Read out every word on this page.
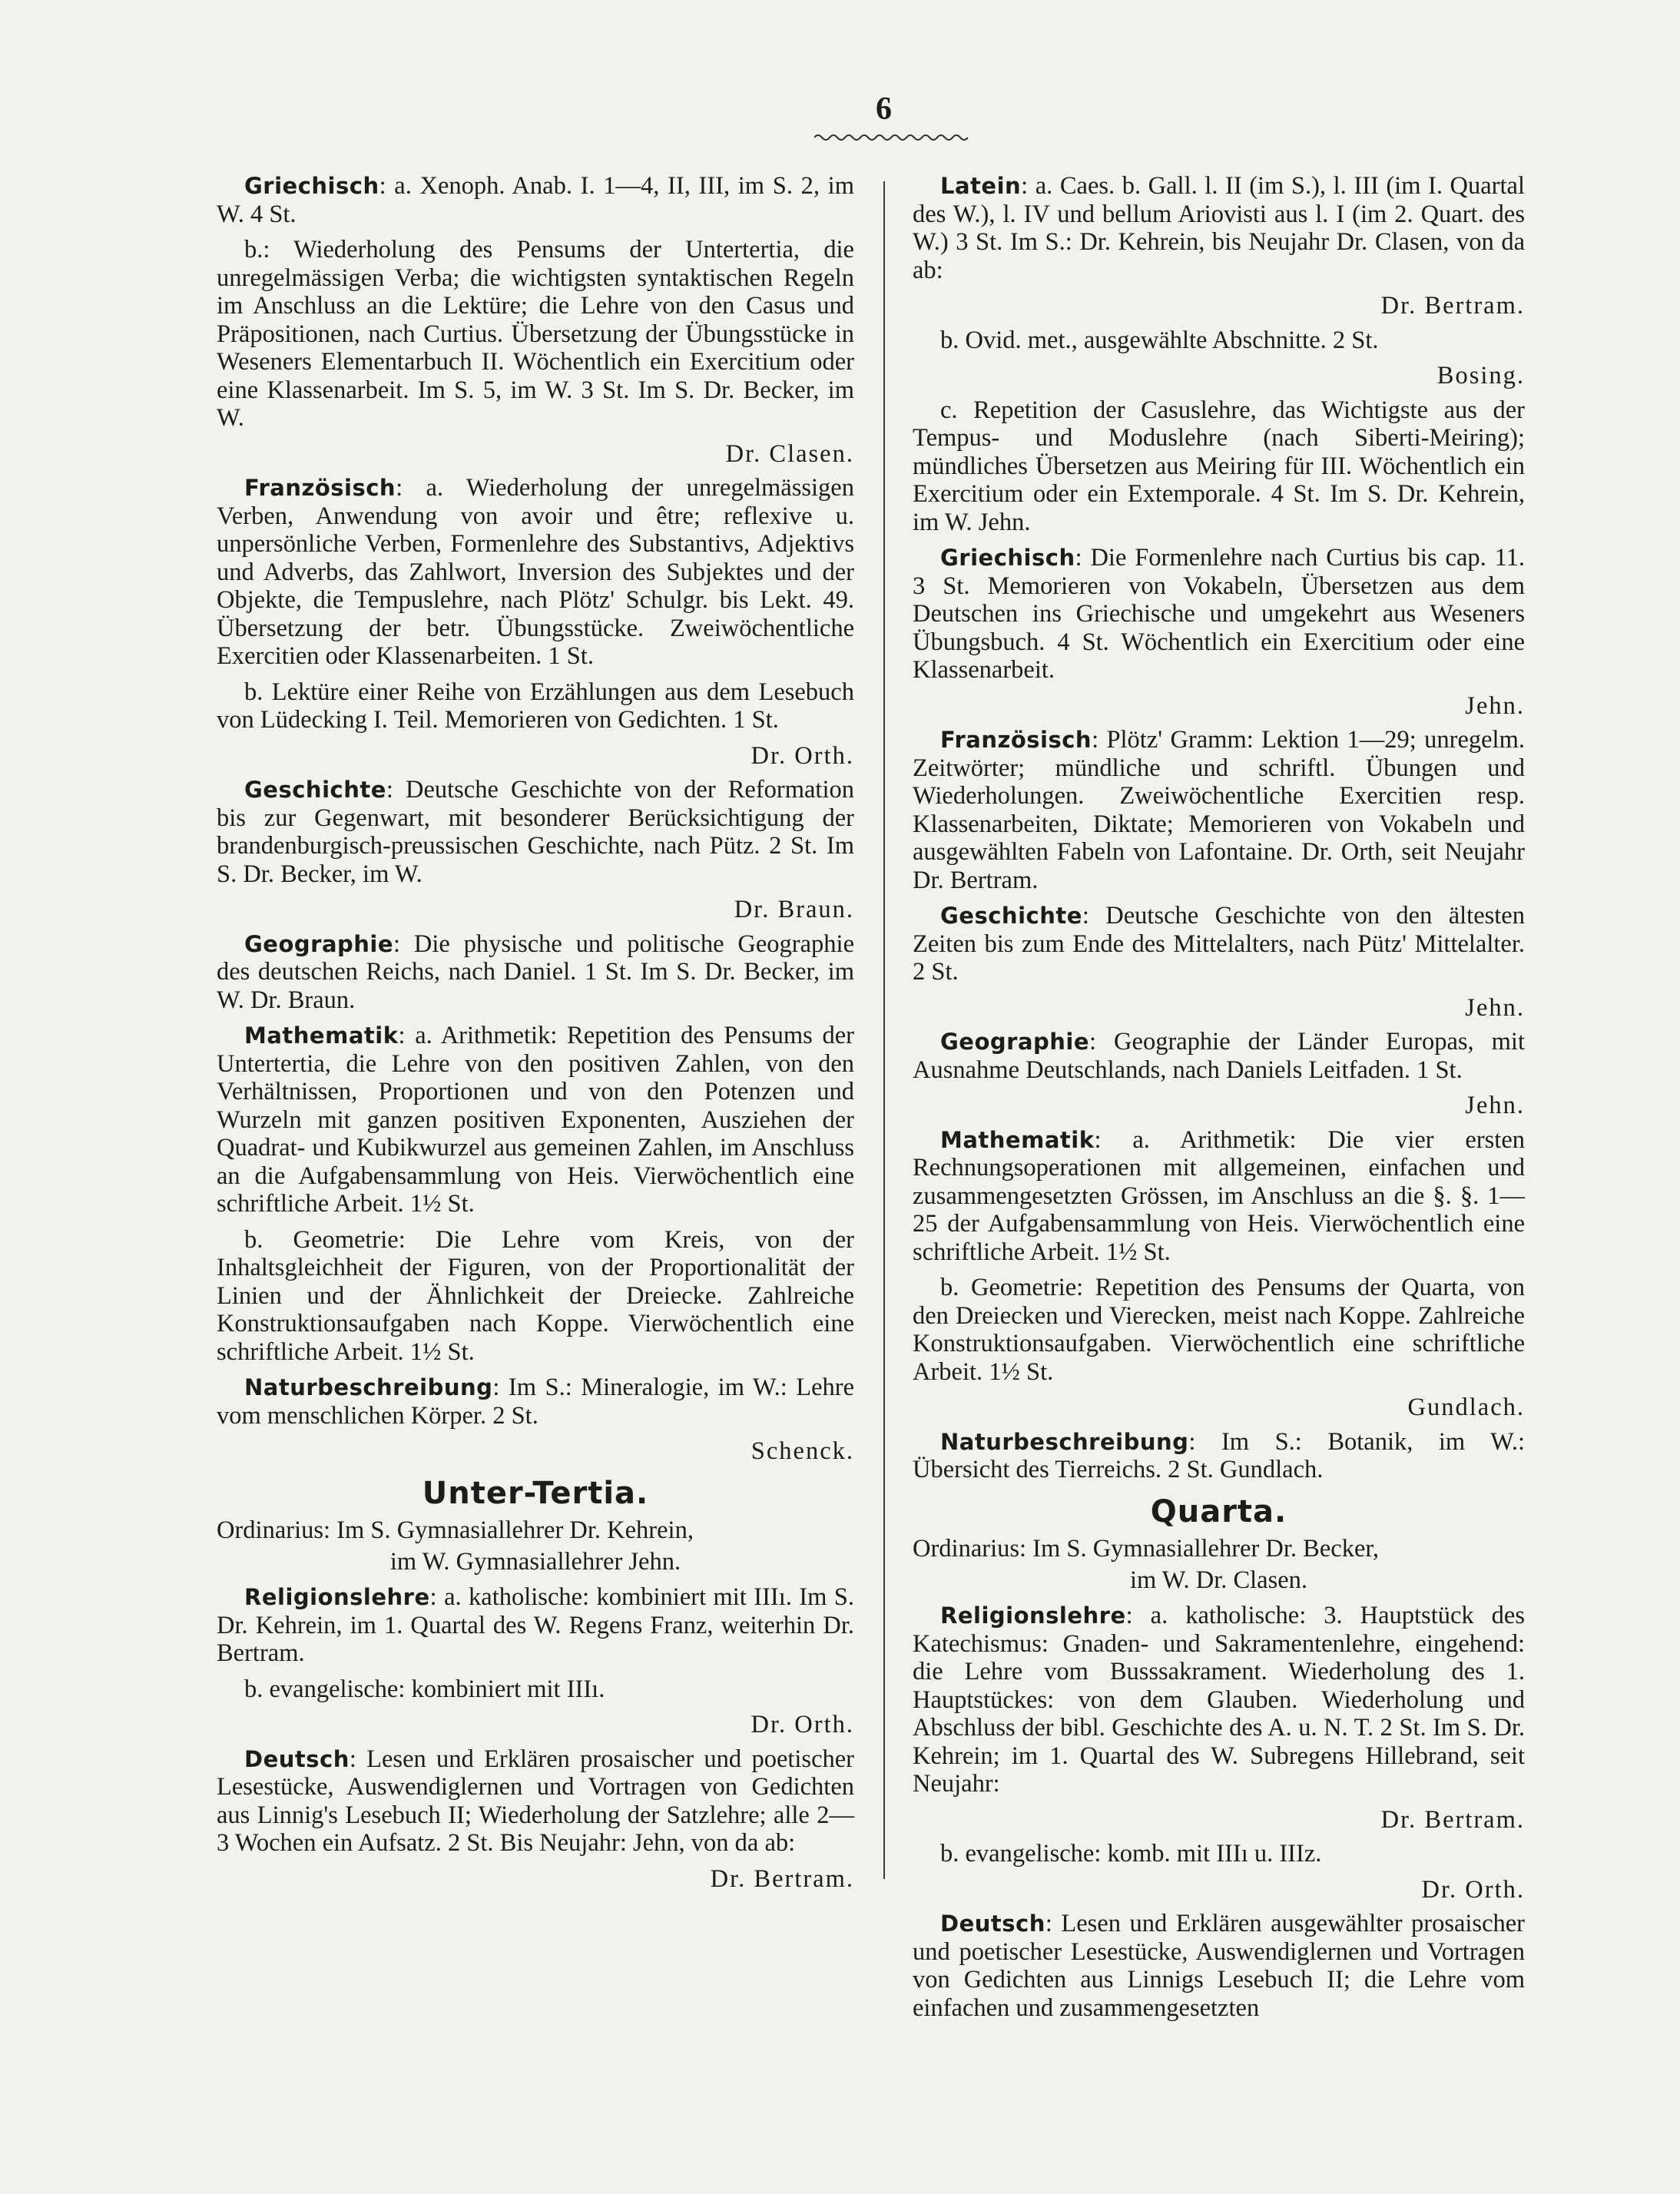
6

Griechisch: a. Xenoph. Anab. I. 1—4, II, III, im S. 2, im W. 4 St.

b.: Wiederholung des Pensums der Untertertia, die unregelmässigen Verba; die wichtigsten syntaktischen Regeln im Anschluss an die Lektüre; die Lehre von den Casus und Präpositionen, nach Curtius. Übersetzung der Übungsstücke in Weseners Elementarbuch II. Wöchentlich ein Exercitium oder eine Klassenarbeit. Im S. 5, im W. 3 St. Im S. Dr. Becker, im W.

Dr. Clasen.

Französisch: a. Wiederholung der unregelmässigen Verben, Anwendung von avoir und être; reflexive u. unpersönliche Verben, Formenlehre des Substantivs, Adjektivs und Adverbs, das Zahlwort, Inversion des Subjektes und der Objekte, die Tempuslehre, nach Plötz' Schulgr. bis Lekt. 49. Übersetzung der betr. Übungsstücke. Zweiwöchentliche Exercitien oder Klassenarbeiten. 1 St.

b. Lektüre einer Reihe von Erzählungen aus dem Lesebuch von Lüdecking I. Teil. Memorieren von Gedichten. 1 St.

Dr. Orth.

Geschichte: Deutsche Geschichte von der Reformation bis zur Gegenwart, mit besonderer Berücksichtigung der brandenburgisch-preussischen Geschichte, nach Pütz. 2 St. Im S. Dr. Becker, im W.

Dr. Braun.

Geographie: Die physische und politische Geographie des deutschen Reichs, nach Daniel. 1 St. Im S. Dr. Becker, im W. Dr. Braun.

Mathematik: a. Arithmetik: Repetition des Pensums der Untertertia, die Lehre von den positiven Zahlen, von den Verhältnissen, Proportionen und von den Potenzen und Wurzeln mit ganzen positiven Exponenten, Ausziehen der Quadrat- und Kubikwurzel aus gemeinen Zahlen, im Anschluss an die Aufgabensammlung von Heis. Vierwöchentlich eine schriftliche Arbeit. 1½ St.

b. Geometrie: Die Lehre vom Kreis, von der Inhaltsgleichheit der Figuren, von der Proportionalität der Linien und der Ähnlichkeit der Dreiecke. Zahlreiche Konstruktionsaufgaben nach Koppe. Vierwöchentlich eine schriftliche Arbeit. 1½ St.

Naturbeschreibung: Im S.: Mineralogie, im W.: Lehre vom menschlichen Körper. 2 St.

Schenck.

Unter-Tertia.

Ordinarius: Im S. Gymnasiallehrer Dr. Kehrein,

im W. Gymnasiallehrer Jehn.

Religionslehre: a. katholische: kombiniert mit IIIı. Im S. Dr. Kehrein, im 1. Quartal des W. Regens Franz, weiterhin Dr. Bertram.

b. evangelische: kombiniert mit IIIı.

Dr. Orth.

Deutsch: Lesen und Erklären prosaischer und poetischer Lesestücke, Auswendiglernen und Vortragen von Gedichten aus Linnig's Lesebuch II; Wiederholung der Satzlehre; alle 2—3 Wochen ein Aufsatz. 2 St. Bis Neujahr: Jehn, von da ab:

Dr. Bertram.

Latein: a. Caes. b. Gall. l. II (im S.), l. III (im I. Quartal des W.), l. IV und bellum Ariovisti aus l. I (im 2. Quart. des W.) 3 St. Im S.: Dr. Kehrein, bis Neujahr Dr. Clasen, von da ab:

Dr. Bertram.

b. Ovid. met., ausgewählte Abschnitte. 2 St.

Bosing.

c. Repetition der Casuslehre, das Wichtigste aus der Tempus- und Moduslehre (nach Siberti-Meiring); mündliches Übersetzen aus Meiring für III. Wöchentlich ein Exercitium oder ein Extemporale. 4 St. Im S. Dr. Kehrein, im W. Jehn.

Griechisch: Die Formenlehre nach Curtius bis cap. 11. 3 St. Memorieren von Vokabeln, Übersetzen aus dem Deutschen ins Griechische und umgekehrt aus Weseners Übungsbuch. 4 St. Wöchentlich ein Exercitium oder eine Klassenarbeit.

Jehn.

Französisch: Plötz' Gramm: Lektion 1—29; unregelm. Zeitwörter; mündliche und schriftl. Übungen und Wiederholungen. Zweiwöchentliche Exercitien resp. Klassenarbeiten, Diktate; Memorieren von Vokabeln und ausgewählten Fabeln von Lafontaine. Dr. Orth, seit Neujahr Dr. Bertram.

Geschichte: Deutsche Geschichte von den ältesten Zeiten bis zum Ende des Mittelalters, nach Pütz' Mittelalter. 2 St.

Jehn.

Geographie: Geographie der Länder Europas, mit Ausnahme Deutschlands, nach Daniels Leitfaden. 1 St.

Jehn.

Mathematik: a. Arithmetik: Die vier ersten Rechnungsoperationen mit allgemeinen, einfachen und zusammengesetzten Grössen, im Anschluss an die §. §. 1—25 der Aufgabensammlung von Heis. Vierwöchentlich eine schriftliche Arbeit. 1½ St.

b. Geometrie: Repetition des Pensums der Quarta, von den Dreiecken und Vierecken, meist nach Koppe. Zahlreiche Konstruktionsaufgaben. Vierwöchentlich eine schriftliche Arbeit. 1½ St.

Gundlach.

Naturbeschreibung: Im S.: Botanik, im W.: Übersicht des Tierreichs. 2 St. Gundlach.

Quarta.

Ordinarius: Im S. Gymnasiallehrer Dr. Becker,

im W. Dr. Clasen.

Religionslehre: a. katholische: 3. Hauptstück des Katechismus: Gnaden- und Sakramentenlehre, eingehend: die Lehre vom Busssakrament. Wiederholung des 1. Hauptstückes: von dem Glauben. Wiederholung und Abschluss der bibl. Geschichte des A. u. N. T. 2 St. Im S. Dr. Kehrein; im 1. Quartal des W. Subregens Hillebrand, seit Neujahr:

Dr. Bertram.

b. evangelische: komb. mit IIIı u. IIIz.

Dr. Orth.

Deutsch: Lesen und Erklären ausgewählter prosaischer und poetischer Lesestücke, Auswendiglernen und Vortragen von Gedichten aus Linnigs Lesebuch II; die Lehre vom einfachen und zusammengesetzten
